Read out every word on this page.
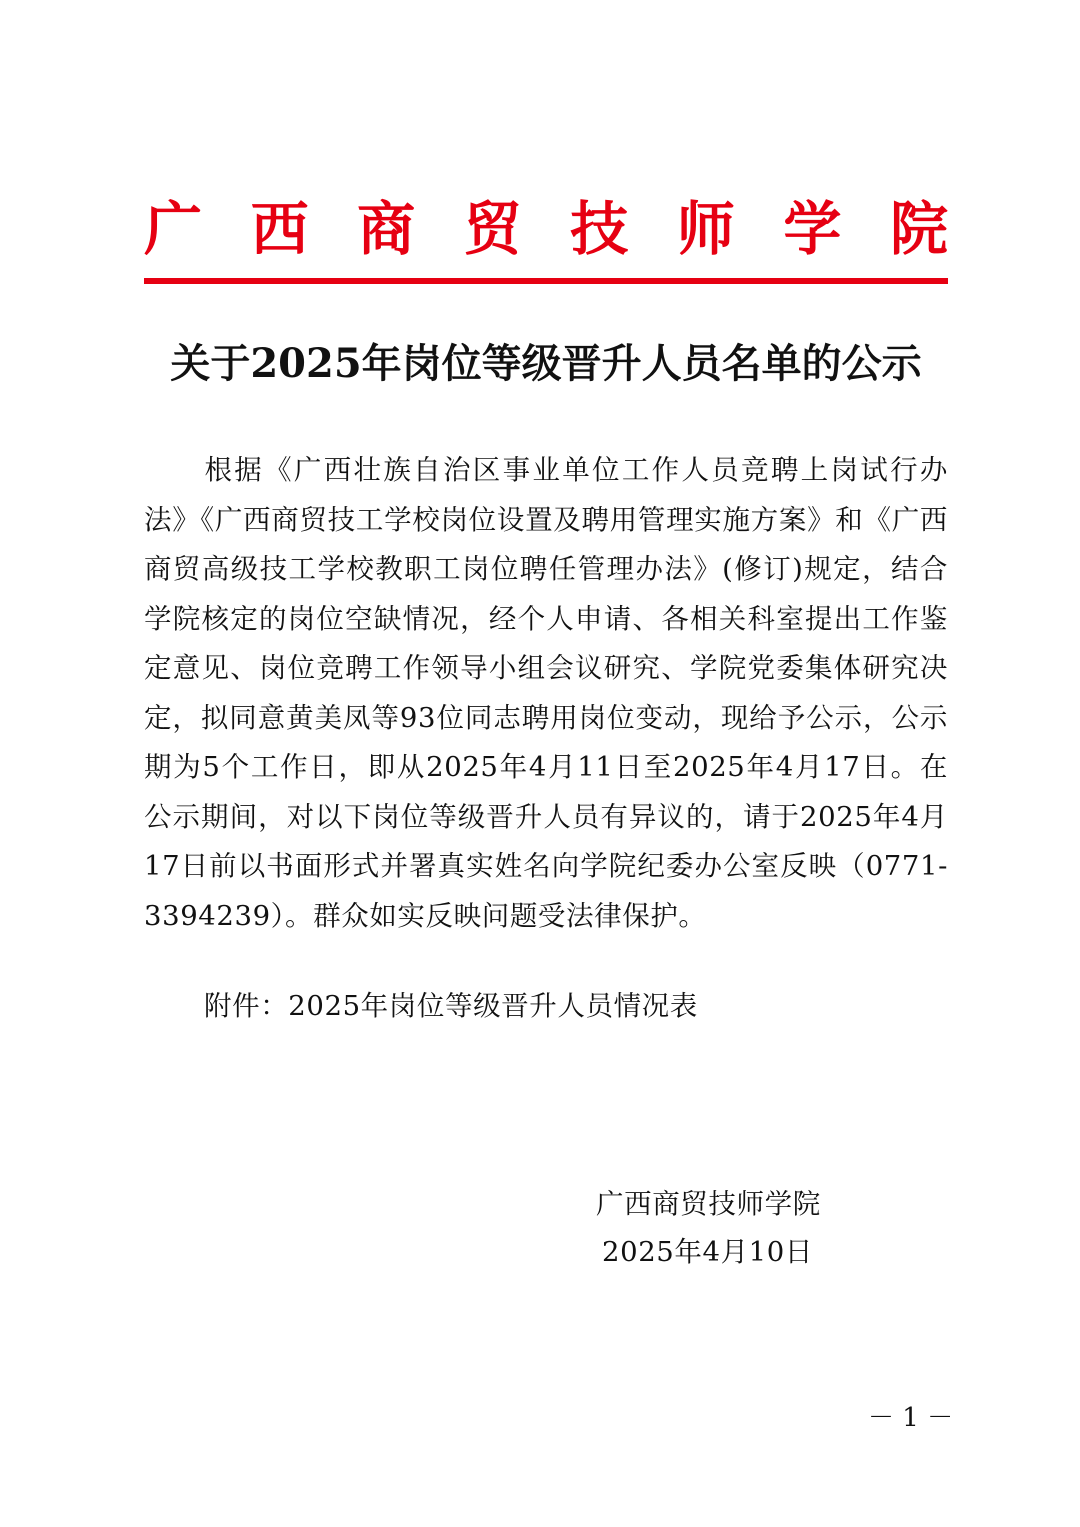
广 西 商 贸 技 师 学 院
关于2025年岗位等级晋升人员名单的公示

根据《广西壮族自治区事业单位工作人员竞聘上岗试行办法》《广西商贸技工学校岗位设置及聘用管理实施方案》和《广西商贸高级技工学校教职工岗位聘任管理办法》(修订)规定，结合学院核定的岗位空缺情况，经个人申请、各相关科室提出工作鉴定意见、岗位竞聘工作领导小组会议研究、学院党委集体研究决定，拟同意黄美凤等93位同志聘用岗位变动，现给予公示，公示期为5个工作日，即从2025年4月11日至2025年4月17日。在公示期间，对以下岗位等级晋升人员有异议的，请于2025年4月17日前以书面形式并署真实姓名向学院纪委办公室反映（0771-3394239）。群众如实反映问题受法律保护。

附件：2025年岗位等级晋升人员情况表
广西商贸技师学院
2025年4月10日
－ 1 －
